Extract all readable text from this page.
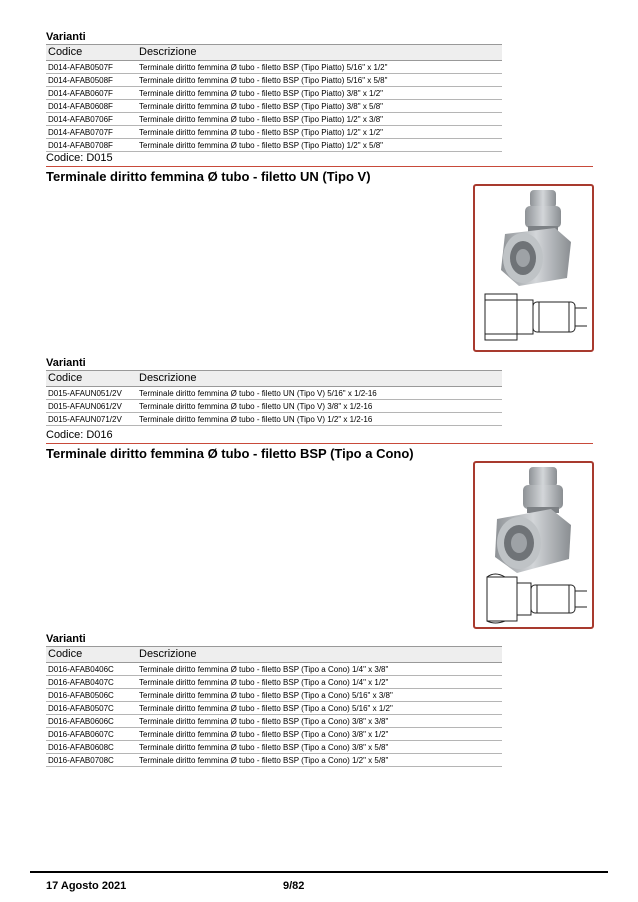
Varianti
Codice	Descrizione
D014-AFAB0507F	Terminale diritto femmina Ø tubo - filetto BSP (Tipo Piatto) 5/16" x 1/2"
D014-AFAB0508F	Terminale diritto femmina Ø tubo - filetto BSP (Tipo Piatto) 5/16" x 5/8"
D014-AFAB0607F	Terminale diritto femmina Ø tubo - filetto BSP (Tipo Piatto) 3/8" x 1/2"
D014-AFAB0608F	Terminale diritto femmina Ø tubo - filetto BSP (Tipo Piatto) 3/8" x 5/8"
D014-AFAB0706F	Terminale diritto femmina Ø tubo - filetto BSP (Tipo Piatto) 1/2" x 3/8"
D014-AFAB0707F	Terminale diritto femmina Ø tubo - filetto BSP (Tipo Piatto) 1/2" x 1/2"
D014-AFAB0708F	Terminale diritto femmina Ø tubo - filetto BSP (Tipo Piatto) 1/2" x 5/8"
Codice: D015
Terminale diritto femmina Ø tubo - filetto UN (Tipo V)
Varianti
Codice	Descrizione
D015-AFAUN051/2V Terminale diritto femmina Ø tubo - filetto UN (Tipo V) 5/16" x 1/2-16
D015-AFAUN061/2V Terminale diritto femmina Ø tubo - filetto UN (Tipo V) 3/8" x 1/2-16
D015-AFAUN071/2V Terminale diritto femmina Ø tubo - filetto UN (Tipo V) 1/2" x 1/2-16
Codice: D016
Terminale diritto femmina Ø tubo - filetto BSP (Tipo a Cono)
Varianti
Codice	Descrizione
D016-AFAB0406C	Terminale diritto femmina Ø tubo - filetto BSP (Tipo a Cono) 1/4" x 3/8"
D016-AFAB0407C	Terminale diritto femmina Ø tubo - filetto BSP (Tipo a Cono) 1/4" x 1/2"
D016-AFAB0506C	Terminale diritto femmina Ø tubo - filetto BSP (Tipo a Cono) 5/16" x 3/8"
D016-AFAB0507C	Terminale diritto femmina Ø tubo - filetto BSP (Tipo a Cono) 5/16" x 1/2"
D016-AFAB0606C	Terminale diritto femmina Ø tubo - filetto BSP (Tipo a Cono) 3/8" x 3/8"
D016-AFAB0607C	Terminale diritto femmina Ø tubo - filetto BSP (Tipo a Cono) 3/8" x 1/2"
D016-AFAB0608C	Terminale diritto femmina Ø tubo - filetto BSP (Tipo a Cono) 3/8" x 5/8"
D016-AFAB0708C	Terminale diritto femmina Ø tubo - filetto BSP (Tipo a Cono) 1/2" x 5/8"
17 Agosto 2021	9/82
